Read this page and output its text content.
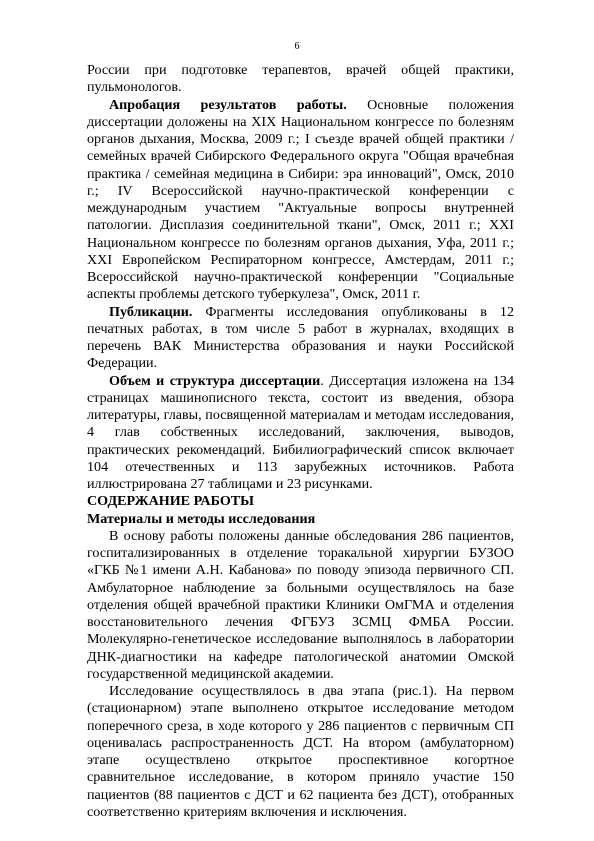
6

России при подготовке терапевтов, врачей общей практики, пульмонологов.

Апробация результатов работы. Основные положения диссертации доложены на XIX Национальном конгрессе по болезням органов дыхания, Москва, 2009 г.; I съезде врачей общей практики / семейных врачей Сибирского Федерального округа "Общая врачебная практика / семейная медицина в Сибири: эра инноваций", Омск, 2010 г.; IV Всероссийской научно-практической конференции с международным участием "Актуальные вопросы внутренней патологии. Дисплазия соединительной ткани", Омск, 2011 г.; XXI Национальном конгрессе по болезням органов дыхания, Уфа, 2011 г.; XXI Европейском Респираторном конгрессе, Амстердам, 2011 г.; Всероссийской научно-практической конференции "Социальные аспекты проблемы детского туберкулеза", Омск, 2011 г.

Публикации. Фрагменты исследования опубликованы в 12 печатных работах, в том числе 5 работ в журналах, входящих в перечень ВАК Министерства образования и науки Российской Федерации.

Объем и структура диссертации. Диссертация изложена на 134 страницах машинописного текста, состоит из введения, обзора литературы, главы, посвященной материалам и методам исследования, 4 глав собственных исследований, заключения, выводов, практических рекомендаций. Бибилиографический список включает 104 отечественных и 113 зарубежных источников. Работа иллюстрирована 27 таблицами и 23 рисунками.

СОДЕРЖАНИЕ РАБОТЫ

Материалы и методы исследования

В основу работы положены данные обследования 286 пациентов, госпитализированных в отделение торакальной хирургии БУЗОО «ГКБ №1 имени А.Н. Кабанова» по поводу эпизода первичного СП. Амбулаторное наблюдение за больными осуществлялось на базе отделения общей врачебной практики Клиники ОмГМА и отделения восстановительного лечения ФГБУЗ ЗСМЦ ФМБА России. Молекулярно-генетическое исследование выполнялось в лаборатории ДНК-диагностики на кафедре патологической анатомии Омской государственной медицинской академии.

Исследование осуществлялось в два этапа (рис.1). На первом (стационарном) этапе выполнено открытое исследование методом поперечного среза, в ходе которого у 286 пациентов с первичным СП оценивалась распространенность ДСТ. На втором (амбулаторном) этапе осуществлено открытое проспективное когортное сравнительное исследование, в котором приняло участие 150 пациентов (88 пациентов с ДСТ и 62 пациента без ДСТ), отобранных соответственно критериям включения и исключения.
